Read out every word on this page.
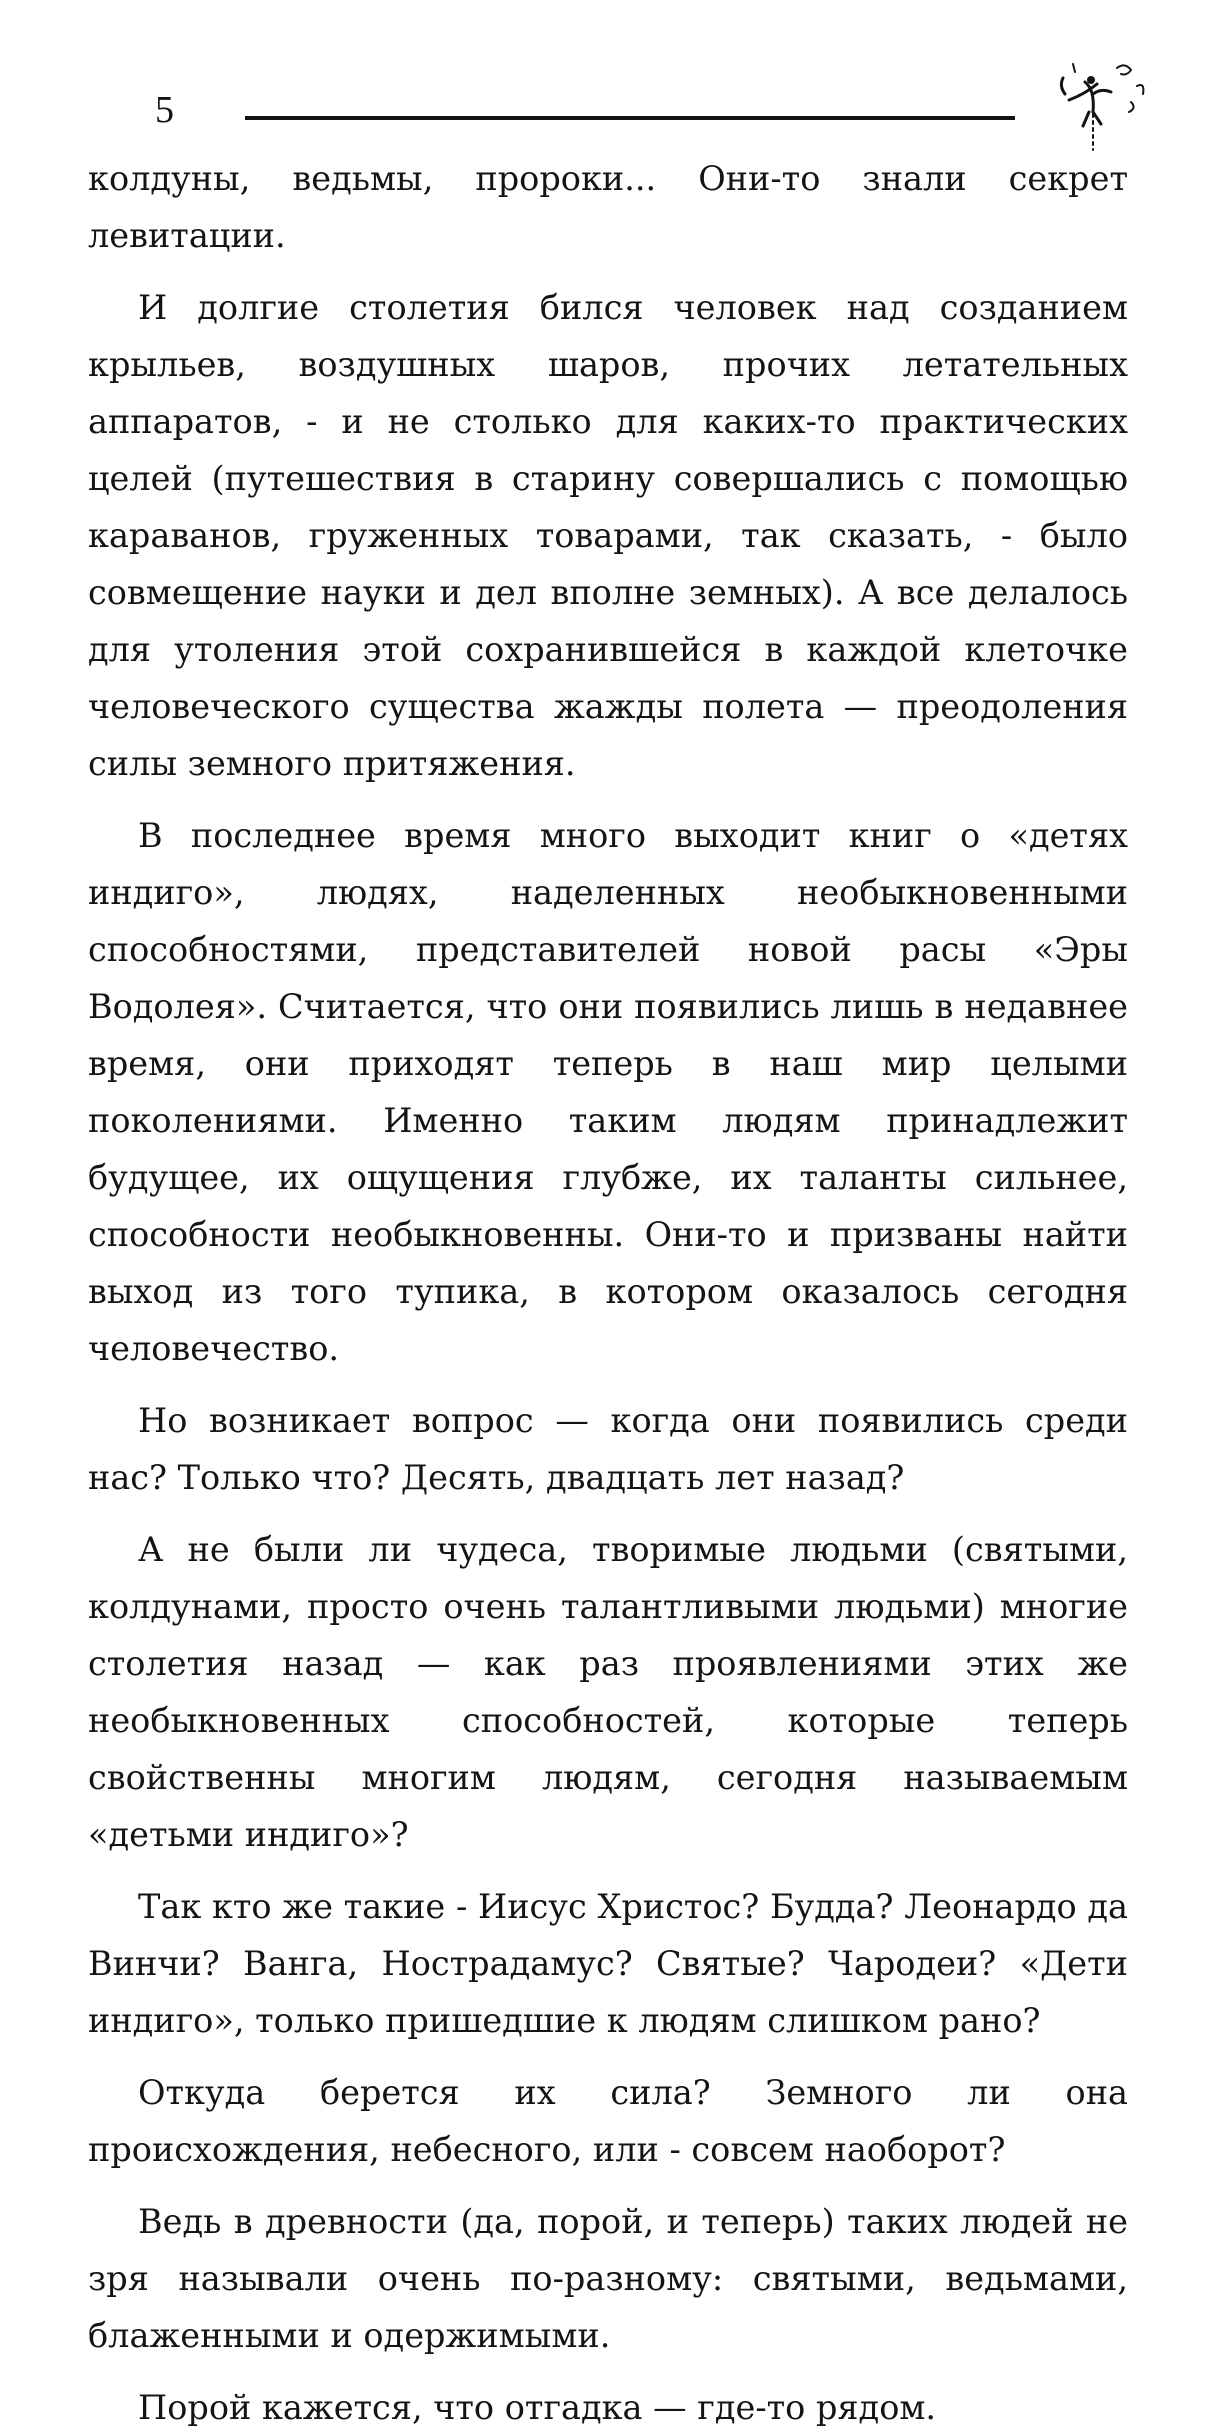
5

колдуны, ведьмы, пророки... Они-то знали секрет левитации.

И долгие столетия бился человек над созданием крыльев, воздушных шаров, прочих летательных аппаратов, - и не столько для каких-то практических целей (путешествия в старину совершались с помощью караванов, груженных товарами, так сказать, - было совмещение науки и дел вполне земных). А все делалось для утоления этой сохранившейся в каждой клеточке человеческого существа жажды полета — преодоления силы земного притяжения.

В последнее время много выходит книг о «детях индиго», людях, наделенных необыкновенными способностями, представителей новой расы «Эры Водолея». Считается, что они появились лишь в недавнее время, они приходят теперь в наш мир целыми поколениями. Именно таким людям принадлежит будущее, их ощущения глубже, их таланты сильнее, способности необыкновенны. Они-то и призваны найти выход из того тупика, в котором оказалось сегодня человечество.

Но возникает вопрос — когда они появились среди нас? Только что? Десять, двадцать лет назад?

А не были ли чудеса, творимые людьми (святыми, колдунами, просто очень талантливыми людьми) многие столетия назад — как раз проявлениями этих же необыкновенных способностей, которые теперь свойственны многим людям, сегодня называемым «детьми индиго»?

Так кто же такие - Иисус Христос? Будда? Леонардо да Винчи? Ванга, Нострадамус? Святые? Чародеи? «Дети индиго», только пришедшие к людям слишком рано?

Откуда берется их сила? Земного ли она происхождения, небесного, или - совсем наоборот?

Ведь в древности (да, порой, и теперь) таких людей не зря называли очень по-разному: святыми, ведьмами, блаженными и одержимыми.

Порой кажется, что отгадка — где-то рядом.
